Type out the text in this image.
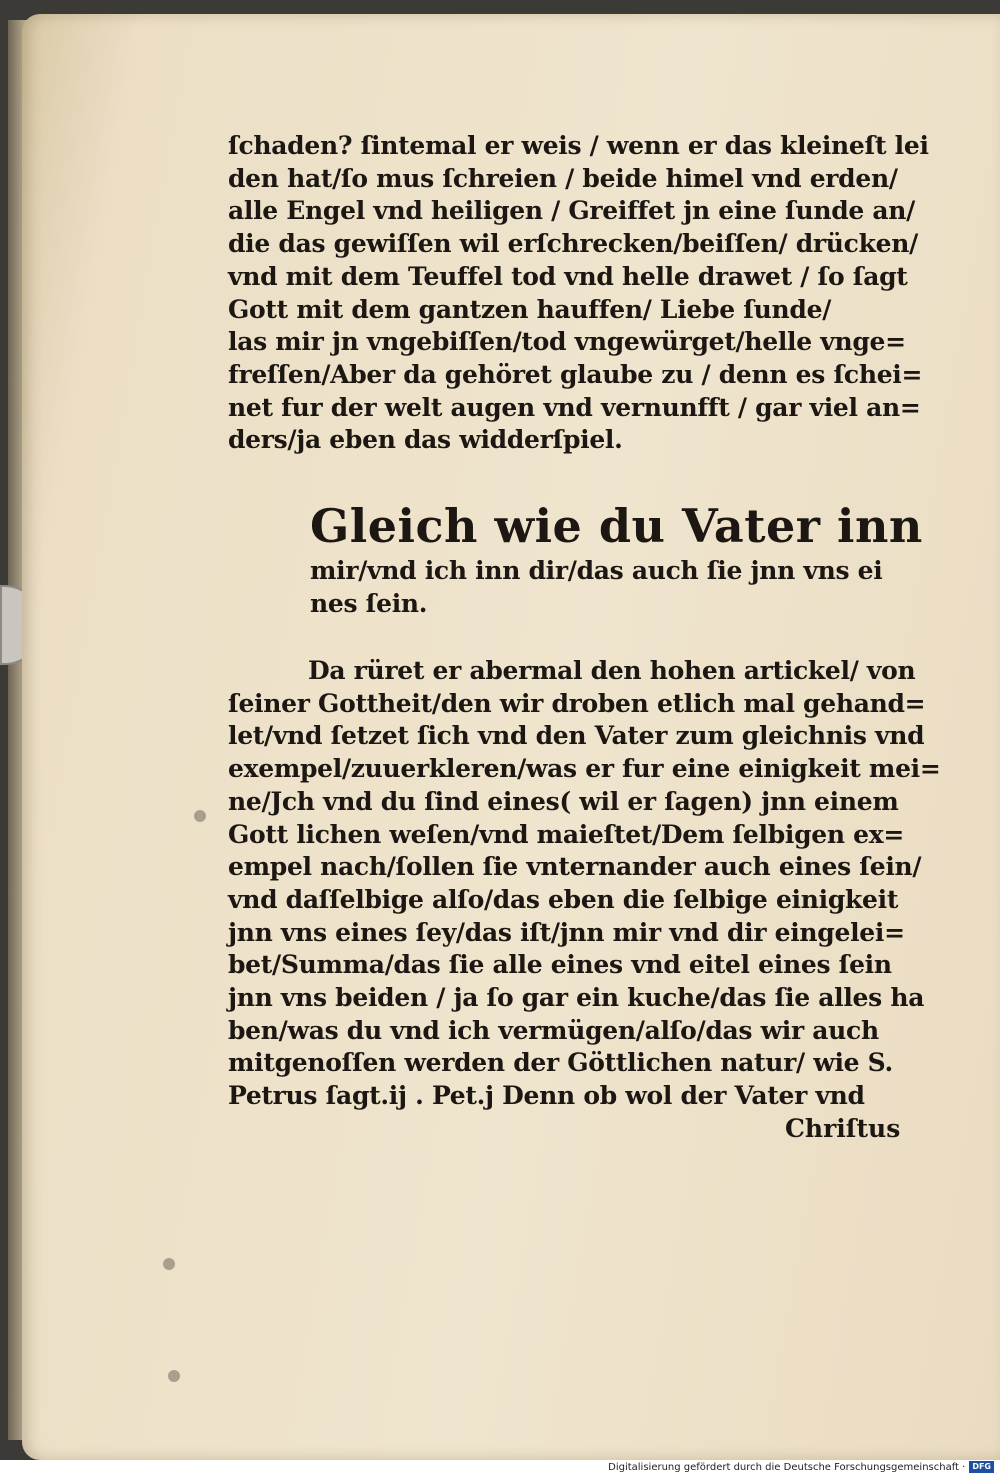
ſchaden? ſintemal er weis / wenn er das kleineſt lei
den hat/ſo mus ſchreien / beide himel vnd erden/
alle Engel vnd heiligen / Greiffet jn eine ſunde an/
die das gewiſſen wil erſchrecken/beiſſen/ drücken/
vnd mit dem Teuffel tod vnd helle drawet / ſo ſagt
Gott mit dem gantzen hauffen/ Liebe ſunde/
las mir jn vngebiſſen/tod vngewürget/helle vnge=
freſſen/Aber da gehöret glaube zu / denn es ſchei=
net fur der welt augen vnd vernunfft / gar viel an=
ders/ja eben das widderſpiel.
Gleich wie du Vater inn
mir/vnd ich inn dir/das auch ſie jnn vns ei
nes ſein.
Da rüret er abermal den hohen artickel/ von
ſeiner Gottheit/den wir droben etlich mal gehand=
let/vnd ſetzet ſich vnd den Vater zum gleichnis vnd
exempel/zuuerkleren/was er fur eine einigkeit mei=
ne/Jch vnd du ſind eines( wil er ſagen) jnn einem
Gott lichen weſen/vnd maieſtet/Dem ſelbigen ex=
empel nach/ſollen ſie vnternander auch eines ſein/
vnd daſſelbige alſo/das eben die ſelbige einigkeit
jnn vns eines ſey/das iſt/jnn mir vnd dir eingelei=
bet/Summa/das ſie alle eines vnd eitel eines ſein
jnn vns beiden / ja ſo gar ein kuche/das ſie alles ha
ben/was du vnd ich vermügen/alſo/das wir auch
mitgenoſſen werden der Göttlichen natur/ wie S.
Petrus ſagt.ij . Pet.j Denn ob wol der Vater vnd
Chriſtus
Digitalisierung gefördert durch die Deutsche Forschungsgemeinschaft · DFG
